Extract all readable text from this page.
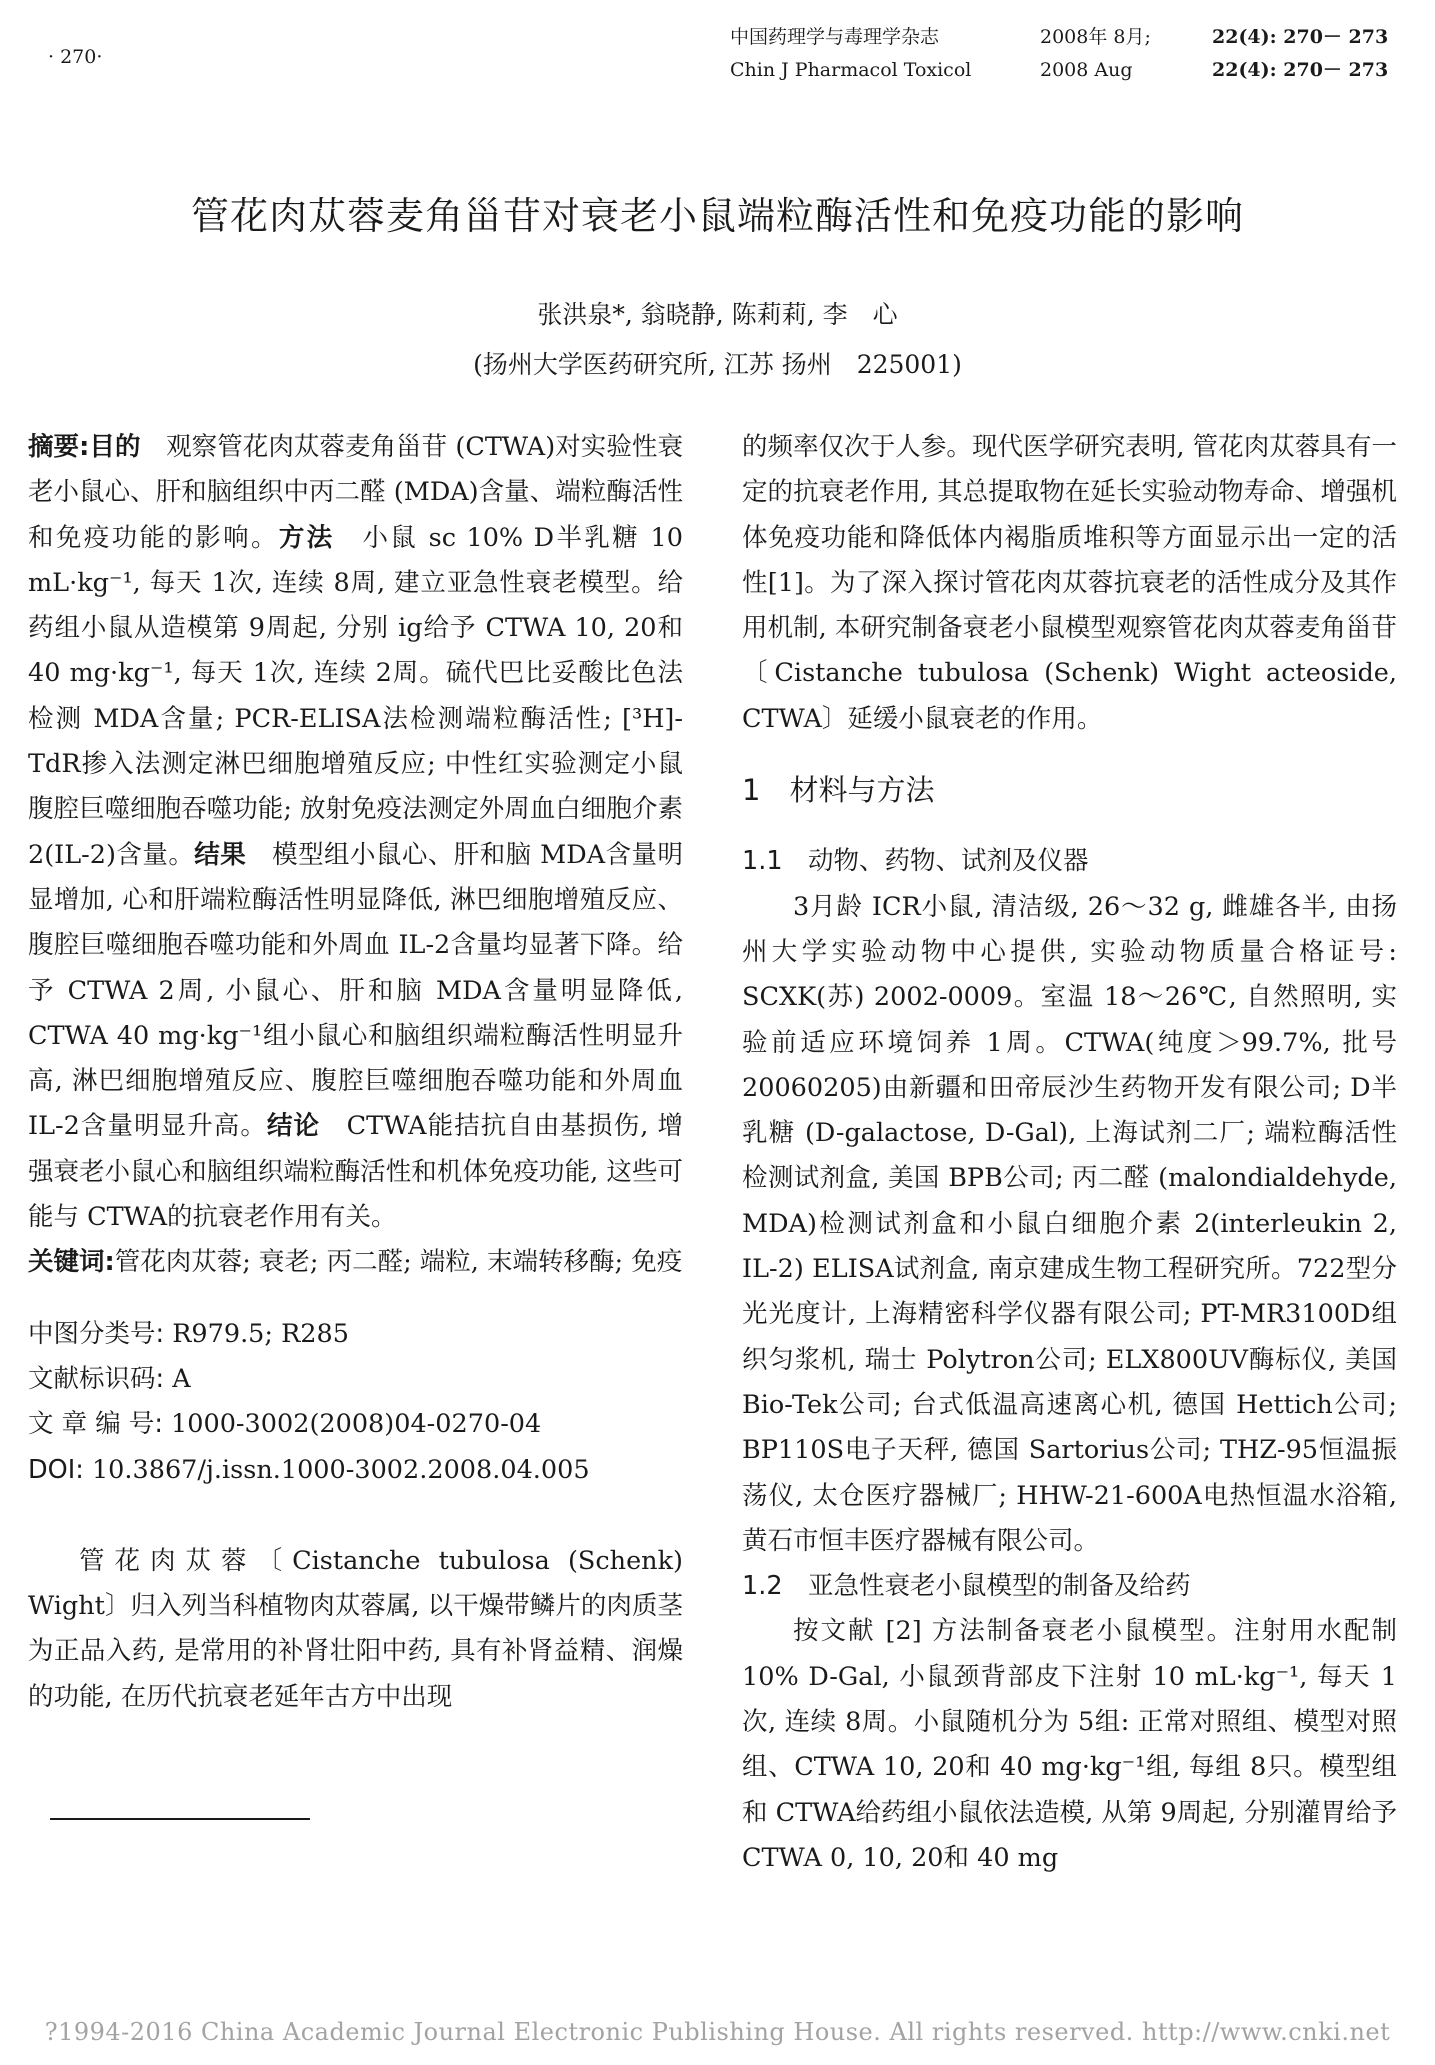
· 270·
中国药理学与毒理学杂志
Chin J Pharmacol Toxicol
2008年 8月;
2008 Aug
22(4): 270－ 273
22(4): 270－ 273
管花肉苁蓉麦角甾苷对衰老小鼠端粒酶活性和免疫功能的影响
张洪泉*, 翁晓静, 陈莉莉, 李　心
(扬州大学医药研究所, 江苏 扬州　225001)

摘要:目的　 观察管花肉苁蓉麦角甾苷 (CTWA)对实验性衰老小鼠心、肝和脑组织中丙二醛 (MDA)含量、端粒酶活性和免疫功能的影响。方法　 小鼠 sc 10% D半乳糖 10 mL·kg⁻¹, 每天 1次, 连续 8周, 建立亚急性衰老模型。给药组小鼠从造模第 9周起, 分别 ig给予 CTWA 10, 20和 40 mg·kg⁻¹, 每天 1次, 连续 2周。硫代巴比妥酸比色法检测 MDA含量; PCR-ELISA法检测端粒酶活性; [³H]-TdR掺入法测定淋巴细胞增殖反应; 中性红实验测定小鼠腹腔巨噬细胞吞噬功能; 放射免疫法测定外周血白细胞介素 2(IL-2)含量。结果　 模型组小鼠心、肝和脑 MDA含量明显增加, 心和肝端粒酶活性明显降低, 淋巴细胞增殖反应、腹腔巨噬细胞吞噬功能和外周血 IL-2含量均显著下降。给予 CTWA 2周, 小鼠心、肝和脑 MDA含量明显降低, CTWA 40 mg·kg⁻¹组小鼠心和脑组织端粒酶活性明显升高, 淋巴细胞增殖反应、腹腔巨噬细胞吞噬功能和外周血 IL-2含量明显升高。结论　 CTWA能拮抗自由基损伤, 增强衰老小鼠心和脑组织端粒酶活性和机体免疫功能, 这些可能与 CTWA的抗衰老作用有关。

关键词:管花肉苁蓉; 衰老; 丙二醛; 端粒, 末端转移酶; 免疫

中图分类号: R979.5; R285
文献标识码: A
文 章 编 号: 1000-3002(2008)04-0270-04
DOI: 10.3867/j.issn.1000-3002.2008.04.005

管花肉苁蓉〔Cistanche tubulosa (Schenk) Wight〕归入列当科植物肉苁蓉属, 以干燥带鳞片的肉质茎为正品入药, 是常用的补肾壮阳中药, 具有补肾益精、润燥的功能, 在历代抗衰老延年古方中出现

的频率仅次于人参。现代医学研究表明, 管花肉苁蓉具有一定的抗衰老作用, 其总提取物在延长实验动物寿命、增强机体免疫功能和降低体内褐脂质堆积等方面显示出一定的活性[1]。为了深入探讨管花肉苁蓉抗衰老的活性成分及其作用机制, 本研究制备衰老小鼠模型观察管花肉苁蓉麦角甾苷〔Cistanche tubulosa (Schenk) Wight acteoside, CTWA〕延缓小鼠衰老的作用。

1　材料与方法
1.1　动物、药物、试剂及仪器

3月龄 ICR小鼠, 清洁级, 26～32 g, 雌雄各半, 由扬州大学实验动物中心提供, 实验动物质量合格证号: SCXK(苏) 2002-0009。室温 18～26℃, 自然照明, 实验前适应环境饲养 1周。CTWA(纯度＞99.7%, 批号 20060205)由新疆和田帝辰沙生药物开发有限公司; D半乳糖 (D-galactose, D-Gal), 上海试剂二厂; 端粒酶活性检测试剂盒, 美国 BPB公司; 丙二醛 (malondialdehyde, MDA)检测试剂盒和小鼠白细胞介素 2(interleukin 2, IL-2) ELISA试剂盒, 南京建成生物工程研究所。722型分光光度计, 上海精密科学仪器有限公司; PT-MR3100D组织匀浆机, 瑞士 Polytron公司; ELX800UV酶标仪, 美国 Bio-Tek公司; 台式低温高速离心机, 德国 Hettich公司; BP110S电子天秤, 德国 Sartorius公司; THZ-95恒温振荡仪, 太仓医疗器械厂; HHW-21-600A电热恒温水浴箱, 黄石市恒丰医疗器械有限公司。

1.2　亚急性衰老小鼠模型的制备及给药

按文献 [2] 方法制备衰老小鼠模型。注射用水配制 10% D-Gal, 小鼠颈背部皮下注射 10 mL·kg⁻¹, 每天 1次, 连续 8周。小鼠随机分为 5组: 正常对照组、模型对照组、CTWA 10, 20和 40 mg·kg⁻¹组, 每组 8只。模型组和 CTWA给药组小鼠依法造模, 从第 9周起, 分别灌胃给予 CTWA 0, 10, 20和 40 mg

?1994-2016 China Academic Journal Electronic Publishing House. All rights reserved. http://www.cnki.net
